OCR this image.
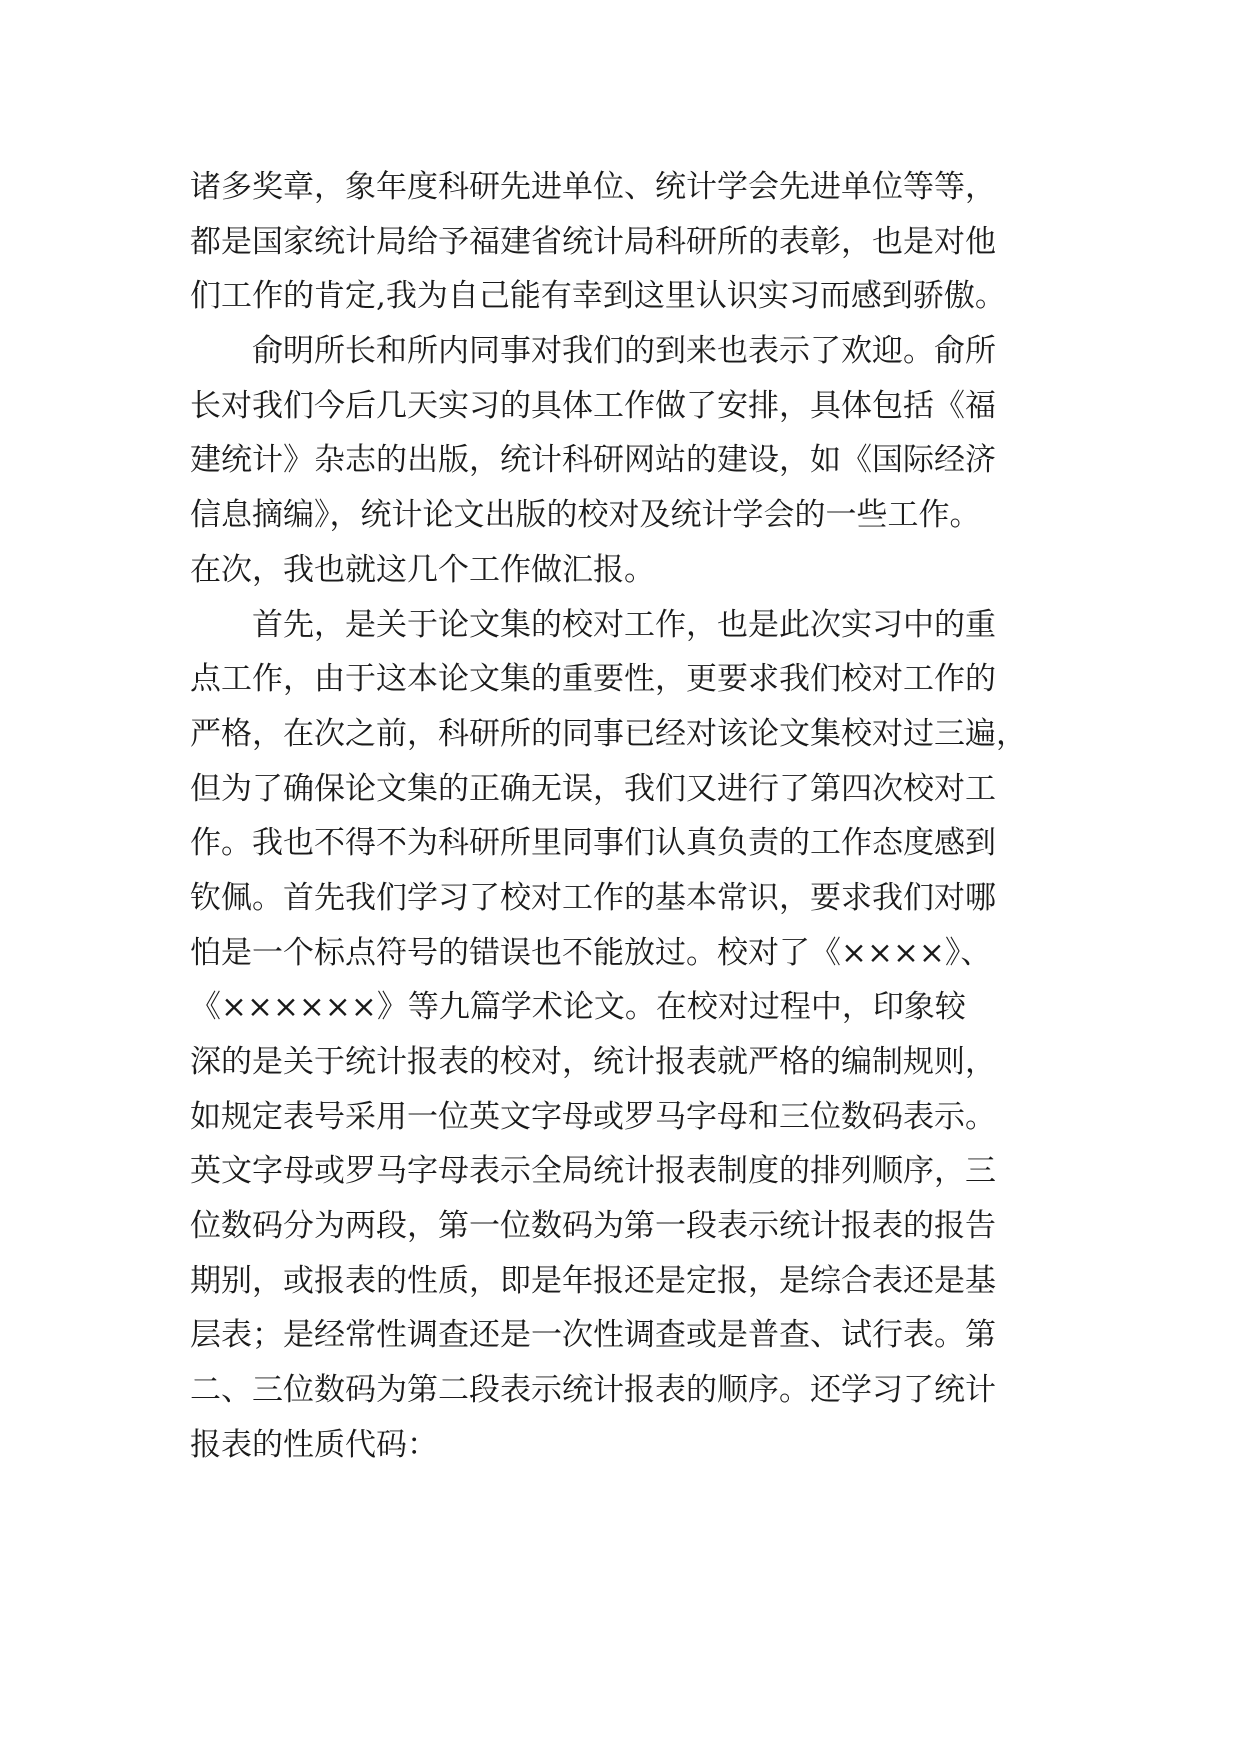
诸多奖章，象年度科研先进单位、统计学会先进单位等等，
都是国家统计局给予福建省统计局科研所的表彰，也是对他
们工作的肯定,我为自己能有幸到这里认识实习而感到骄傲。
俞明所长和所内同事对我们的到来也表示了欢迎。俞所
长对我们今后几天实习的具体工作做了安排，具体包括《福
建统计》杂志的出版，统计科研网站的建设，如《国际经济
信息摘编》，统计论文出版的校对及统计学会的一些工作。
在次，我也就这几个工作做汇报。
首先，是关于论文集的校对工作，也是此次实习中的重
点工作，由于这本论文集的重要性，更要求我们校对工作的
严格，在次之前，科研所的同事已经对该论文集校对过三遍，
但为了确保论文集的正确无误，我们又进行了第四次校对工
作。我也不得不为科研所里同事们认真负责的工作态度感到
钦佩。首先我们学习了校对工作的基本常识，要求我们对哪
怕是一个标点符号的错误也不能放过。校对了《××××》、
《××××××》等九篇学术论文。在校对过程中，印象较
深的是关于统计报表的校对，统计报表就严格的编制规则，
如规定表号采用一位英文字母或罗马字母和三位数码表示。
英文字母或罗马字母表示全局统计报表制度的排列顺序，三
位数码分为两段，第一位数码为第一段表示统计报表的报告
期别，或报表的性质，即是年报还是定报，是综合表还是基
层表；是经常性调查还是一次性调查或是普查、试行表。第
二、三位数码为第二段表示统计报表的顺序。还学习了统计
报表的性质代码：
